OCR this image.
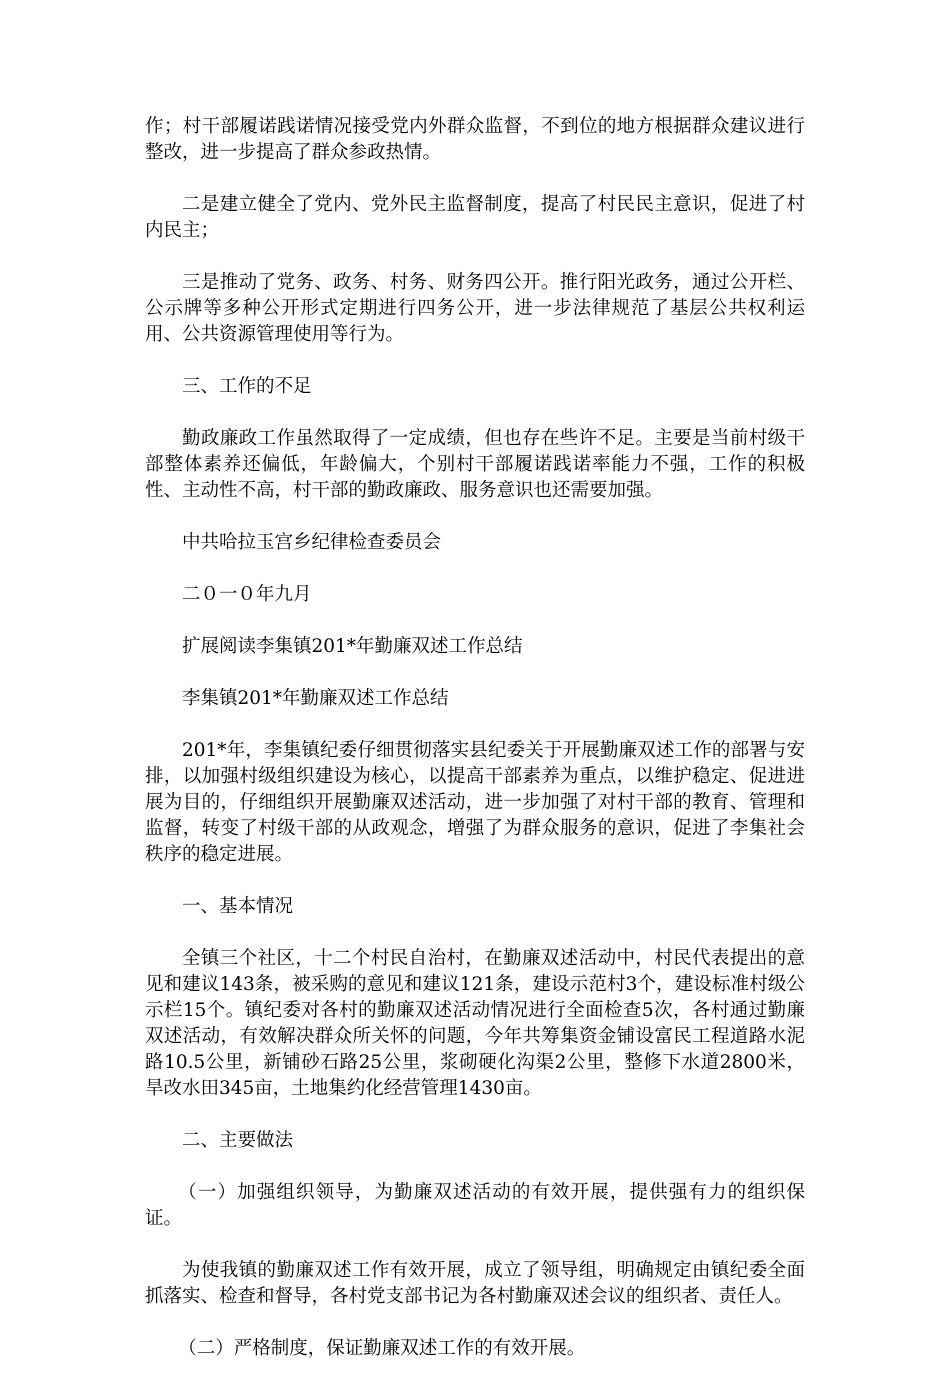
作；村干部履诺践诺情况接受党内外群众监督，不到位的地方根据群众建议进行整改，进一步提高了群众参政热情。

二是建立健全了党内、党外民主监督制度，提高了村民民主意识，促进了村内民主；

三是推动了党务、政务、村务、财务四公开。推行阳光政务，通过公开栏、公示牌等多种公开形式定期进行四务公开，进一步法律规范了基层公共权利运用、公共资源管理使用等行为。

三、工作的不足

勤政廉政工作虽然取得了一定成绩，但也存在些许不足。主要是当前村级干部整体素养还偏低，年龄偏大，个别村干部履诺践诺率能力不强，工作的积极性、主动性不高，村干部的勤政廉政、服务意识也还需要加强。

中共哈拉玉宫乡纪律检查委员会

二０一０年九月

扩展阅读李集镇201*年勤廉双述工作总结

李集镇201*年勤廉双述工作总结

201*年，李集镇纪委仔细贯彻落实县纪委关于开展勤廉双述工作的部署与安排，以加强村级组织建设为核心，以提高干部素养为重点，以维护稳定、促进进展为目的，仔细组织开展勤廉双述活动，进一步加强了对村干部的教育、管理和监督，转变了村级干部的从政观念，增强了为群众服务的意识，促进了李集社会秩序的稳定进展。

一、基本情况

全镇三个社区，十二个村民自治村，在勤廉双述活动中，村民代表提出的意见和建议143条，被采购的意见和建议121条，建设示范村3个，建设标准村级公示栏15个。镇纪委对各村的勤廉双述活动情况进行全面检查5次，各村通过勤廉双述活动，有效解决群众所关怀的问题，今年共筹集资金铺设富民工程道路水泥路10.5公里，新铺砂石路25公里，浆砌硬化沟渠2公里，整修下水道2800米，旱改水田345亩，土地集约化经营管理1430亩。

二、主要做法

（一）加强组织领导，为勤廉双述活动的有效开展，提供强有力的组织保证。

为使我镇的勤廉双述工作有效开展，成立了领导组，明确规定由镇纪委全面抓落实、检查和督导，各村党支部书记为各村勤廉双述会议的组织者、责任人。

（二）严格制度，保证勤廉双述工作的有效开展。
